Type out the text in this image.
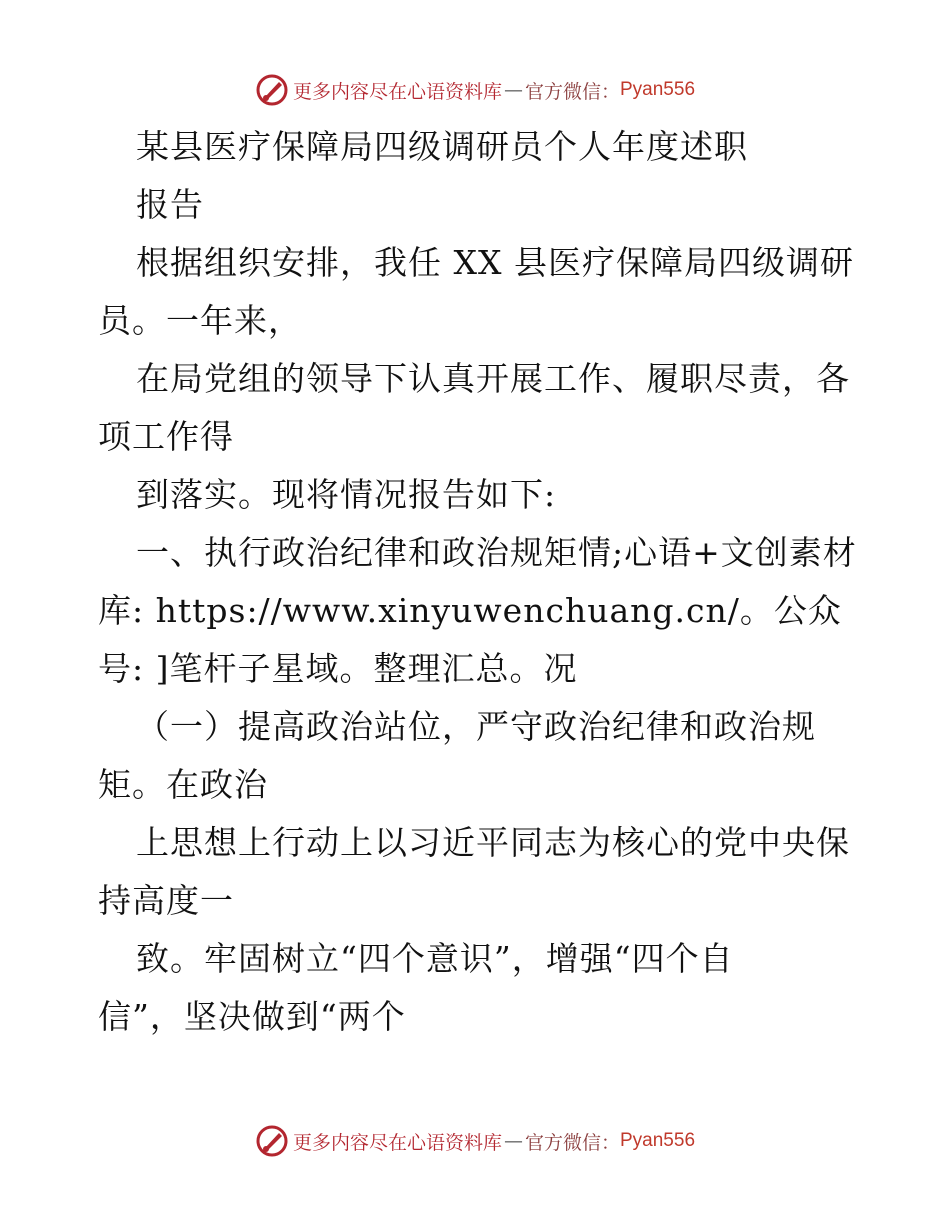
更多内容尽在心语资料库 — 官方微信： Pyan556
某县医疗保障局四级调研员个人年度述职
报告
根据组织安排，我任 XX 县医疗保障局四级调研
员。一年来，
在局党组的领导下认真开展工作、履职尽责，各
项工作得
到落实。现将情况报告如下:
一、执行政治纪律和政治规矩情;心语+文创素材
库: https://www.xinyuwenchuang.cn/。公众
号: ]笔杆子星域。整理汇总。况
（一）提高政治站位，严守政治纪律和政治规
矩。在政治
上思想上行动上以习近平同志为核心的党中央保
持高度一
致。牢固树立“四个意识”，增强“四个自
信”，坚决做到“两个
更多内容尽在心语资料库 — 官方微信： Pyan556
